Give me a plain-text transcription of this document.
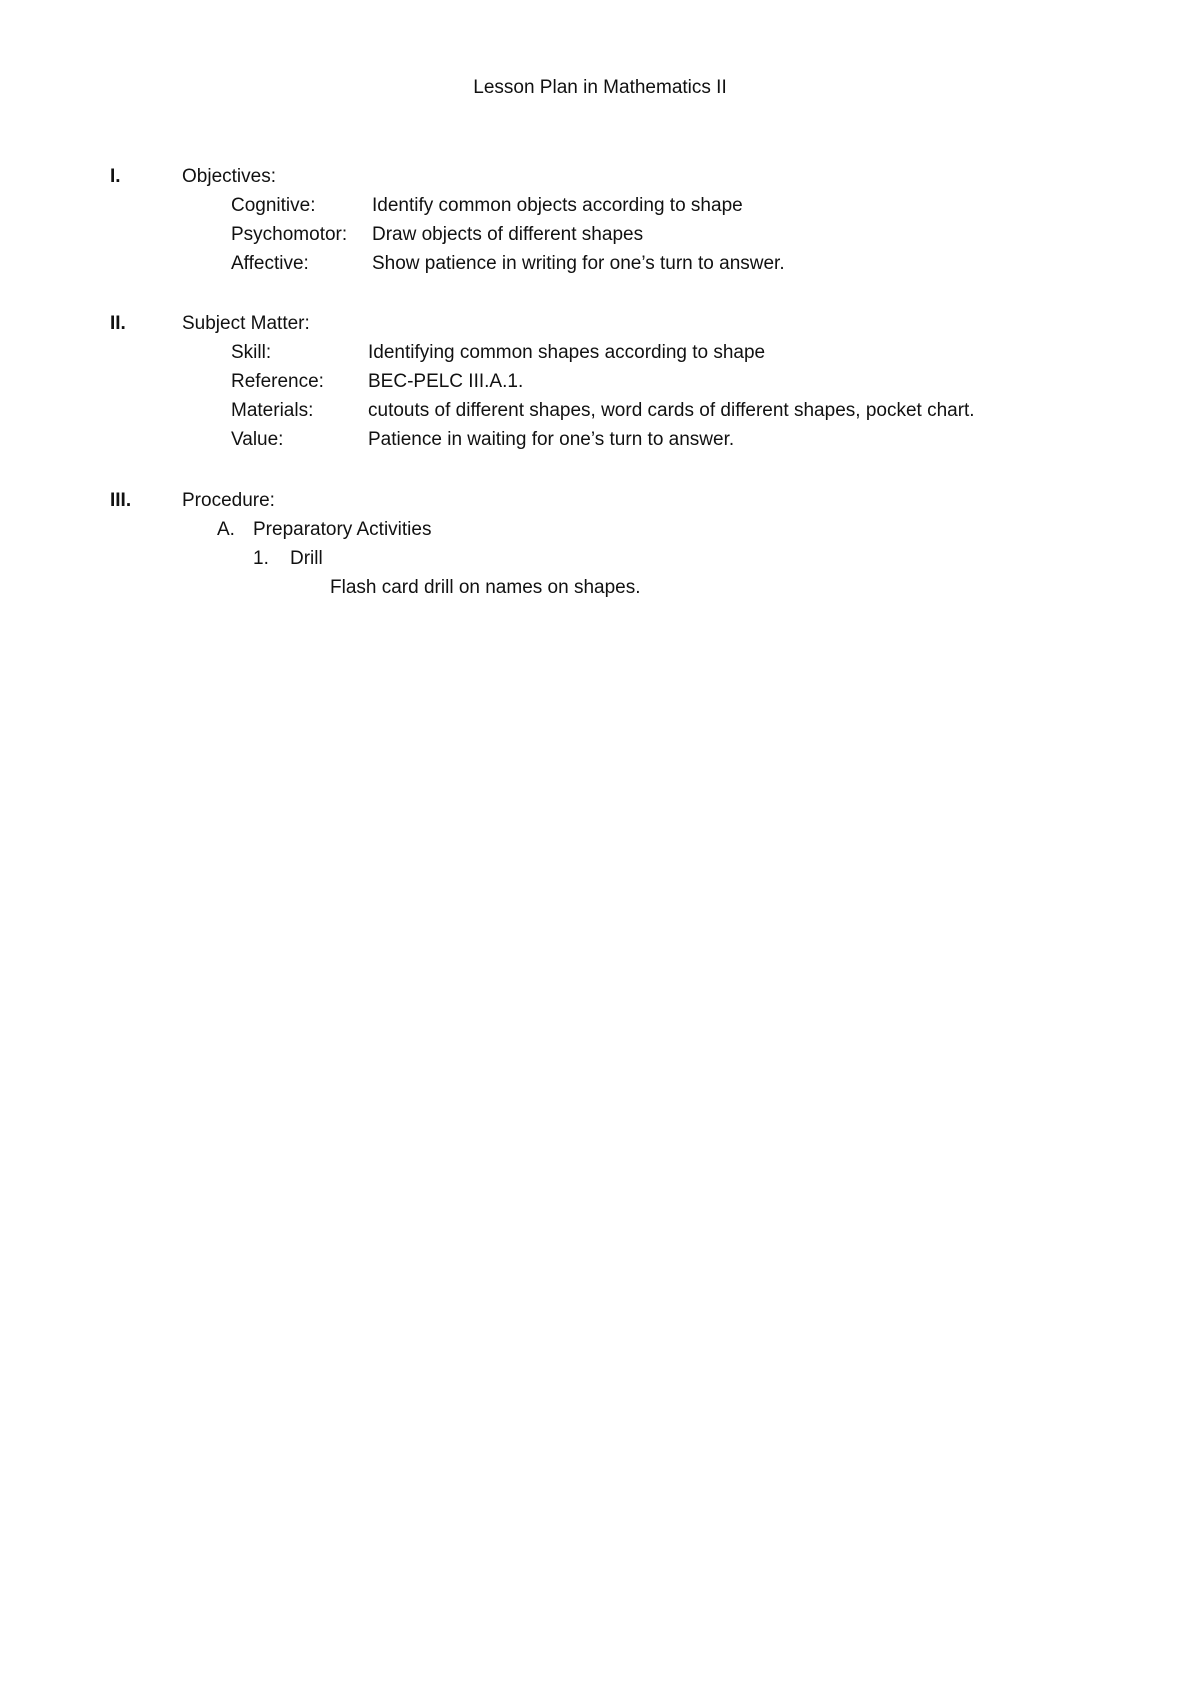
Lesson Plan in Mathematics II
I.	Objectives:
Cognitive:	Identify common objects according to shape
Psychomotor: Draw objects of different shapes
Affective:	Show patience in writing for one’s turn to answer.
II.	Subject Matter:
Skill:	Identifying common shapes according to shape
Reference: BEC-PELC III.A.1.
Materials:	cutouts of different shapes, word cards of different shapes, pocket chart.
Value:	Patience in waiting for one’s turn to answer.
III.	Procedure:
A. Preparatory Activities
1. Drill
Flash card drill on names on shapes.
